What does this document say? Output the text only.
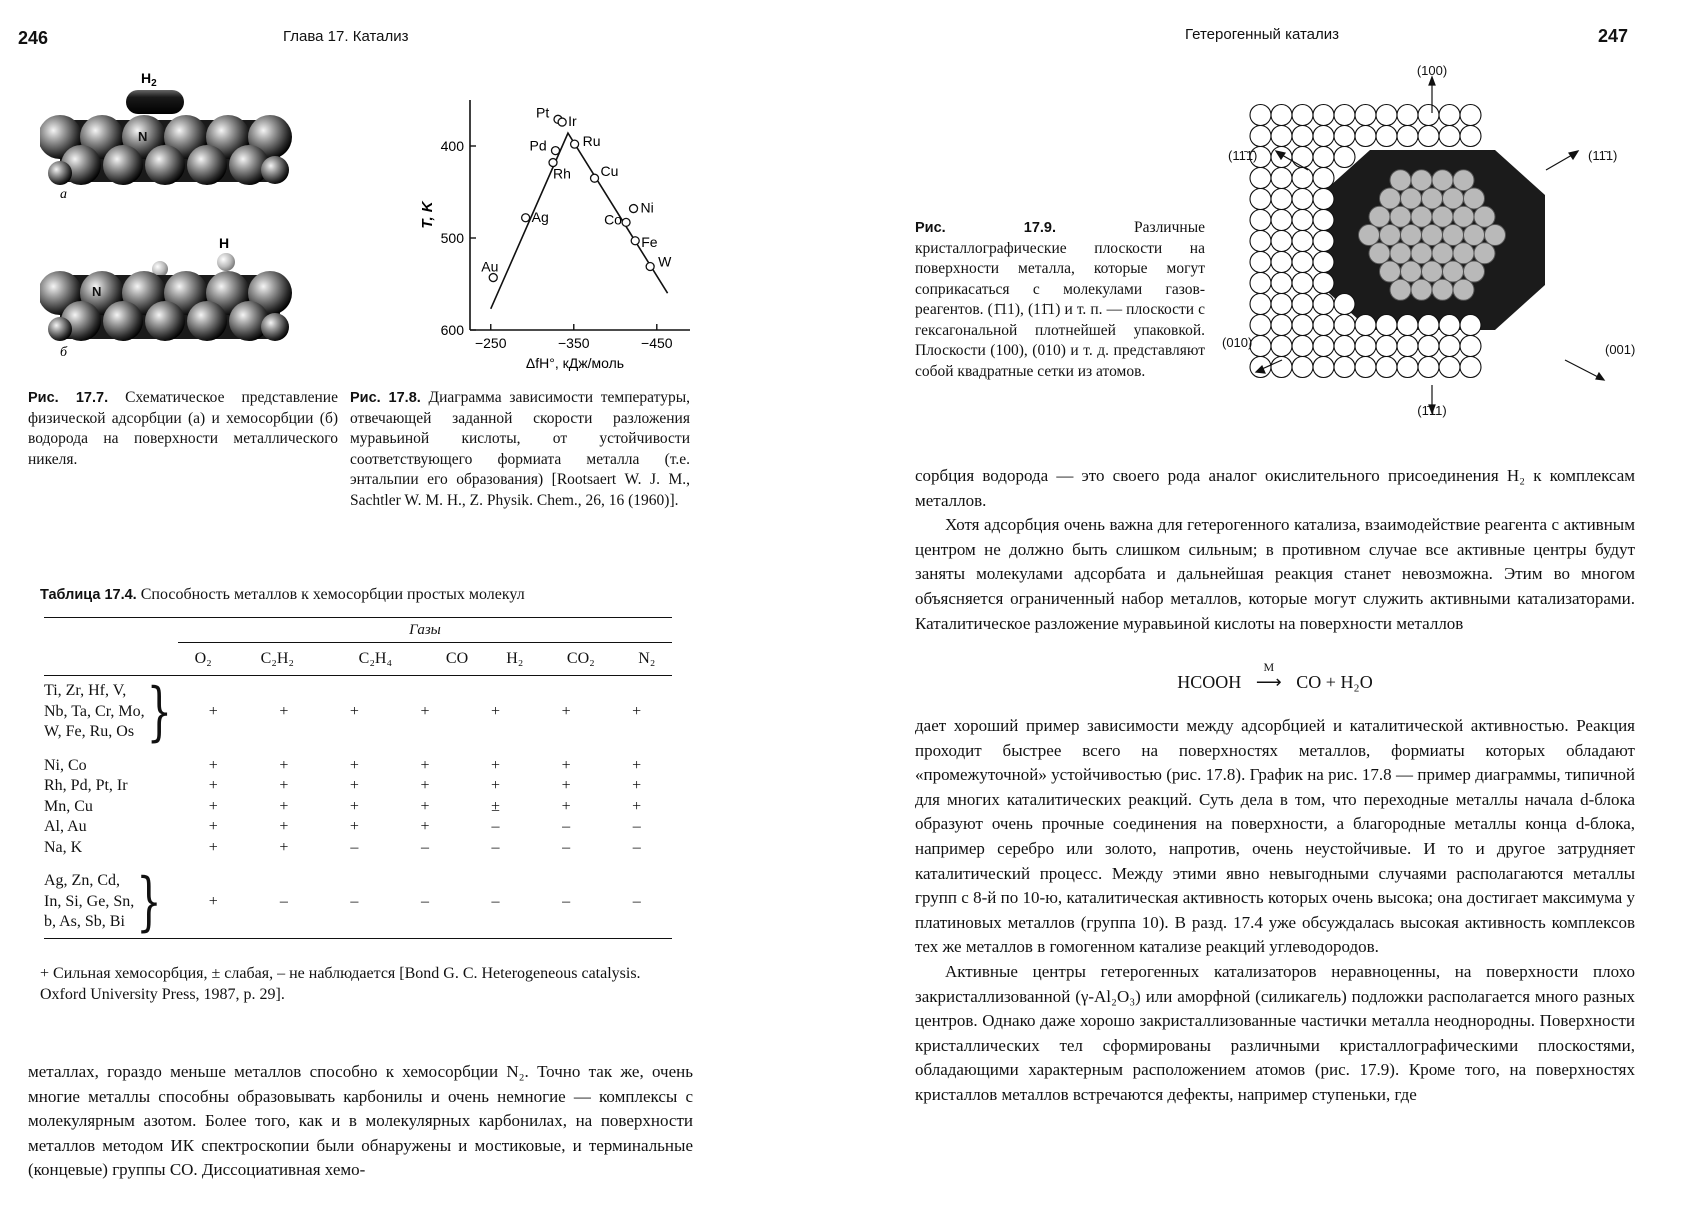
246	Глава 17. Катализ
$H_2$
N
а
H
N
б
Рис. 17.7. Схематическое представление физической адсорбции (а) и хемосорбции (б) водорода на поверхности металлического никеля.
400
500
600
−250	−350	−450
Au
Ag
Rh
Pd
Pt
Ir
Ru
Cu
Ni
Co
Fe
W
T, K
ΔfH°, кДж/моль
Рис. 17.8. Диаграмма зависимости температуры, отвечающей заданной скорости разложения муравьиной кислоты, от устойчивости соответствующего формиата металла (т.е. энтальпии его образования) [Rootsaert W. J. M., Sachtler W. M. H., Z. Physik. Chem., 26, 16 (1960)].
Таблица 17.4. Способность металлов к хемосорбции простых молекул
Газы
	O₂	C₂H₂	C₂H₄	CO	H₂	CO₂	N₂
Ti, Zr, Hf, V,
Nb, Ta, Cr, Mo,
W, Fe, Ru, Os }	+	+	+	+	+	+	+

Ni, Co	+	+	+	+	+	+	+

Rh, Pd, Pt, Ir	+	+	+	+	+	+	+

Mn, Cu	+	+	+	+	±	+	+

Al, Au	+	+	+	+	–	–	–

Na, K	+	+	–	–	–	–	–

Ag, Zn, Cd,
In, Si, Ge, Sn,
b, As, Sb, Bi }	+	–	–	–	–	–	–
+ Сильная хемосорбция, ± слабая, – не наблюдается [Bond G. C. Heterogeneous catalysis. Oxford University Press, 1987, p. 29].

металлах, гораздо меньше металлов способно к хемосорбции N₂. Точно так же, очень многие металлы способны образовывать карбонилы и очень немногие — комплексы с молекулярным азотом. Более того, как и в молекулярных карбонилах, на поверхности металлов методом ИК спектроскопии были обнаружены и мостиковые, и терминальные (концевые) группы CO. Диссоциативная хемо-

Гетерогенный катализ	247
(100)
(11̄1̄)	(11̄1)
(010)	(001)
(1̄11)
Рис. 17.9.	Различные кристаллографические плоскости на поверхности металла, которые могут соприкасаться с молекулами газов-реагентов. (1̄11), (11̄1) и т. п. — плоскости с гексагональной плотнейшей упаковкой. Плоскости (100), (010) и т. д. представляют собой квадратные сетки из атомов.

сорбция водорода — это своего рода аналог окислительного присоединения H₂ к комплексам металлов.

Хотя адсорбция очень важна для гетерогенного катализа, взаимодействие реагента с активным центром не должно быть слишком сильным; в противном случае все активные центры будут заняты молекулами адсорбата и дальнейшая реакция станет невозможна. Этим во многом объясняется ограниченный набор металлов, которые могут служить активными катализаторами. Каталитическое разложение муравьиной кислоты на поверхности металлов

HCOOH
M
⟶ CO + H₂O

дает хороший пример зависимости между адсорбцией и каталитической активностью. Реакция проходит быстрее всего на поверхностях металлов, формиаты которых обладают «промежуточной» устойчивостью (рис. 17.8). График на рис. 17.8 — пример диаграммы, типичной для многих каталитических реакций. Суть дела в том, что переходные металлы начала d-блока образуют очень прочные соединения на поверхности, а благородные металлы конца d-блока, например серебро или золото, напротив, очень неустойчивые. И то и другое затрудняет каталитический процесс. Между этими явно невыгодными случаями располагаются металлы групп с 8-й по 10-ю, каталитическая активность которых очень высока; она достигает максимума у платиновых металлов (группа 10). В разд. 17.4 уже обсуждалась высокая активность комплексов тех же металлов в гомогенном катализе реакций углеводородов.

Активные центры гетерогенных катализаторов неравноценны, на поверхности плохо закристаллизованной (γ-Al₂O₃) или аморфной (силикагель) подложки располагается много разных центров. Однако даже хорошо закристаллизованные частички металла неоднородны. Поверхности кристаллических тел сформированы различными кристаллографическими плоскостями, обладающими характерным расположением атомов (рис. 17.9). Кроме того, на поверхностях кристаллов металлов встречаются дефекты, например ступеньки, где
